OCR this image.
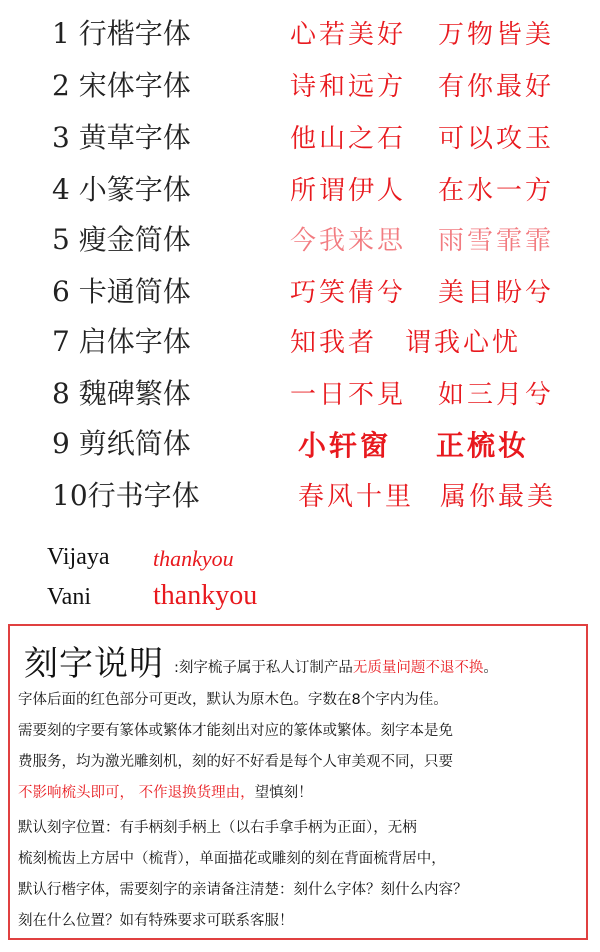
1 行楷字体	心若美好 万物皆美
2 宋体字体	诗和远方 有你最好
3 黄草字体	他山之石 可以攻玉
4 小篆字体	所谓伊人 在水一方
5 瘦金简体	今我来思 雨雪霏霏
6 卡通简体	巧笑倩兮 美目盼兮
7 启体字体	知我者 谓我心忧
8 魏碑繁体	一日不見 如三月兮
9 剪纸简体	小轩窗 正梳妆
10行书字体	春风十里 属你最美
Vijaya thankyou
Vani thankyou
刻字说明 :刻字梳子属于私人订制产品无质量问题不退不换。
字体后面的红色部分可更改，默认为原木色。字数在8个字内为佳。
需要刻的字要有篆体或繁体才能刻出对应的篆体或繁体。刻字本是免
费服务，均为激光雕刻机，刻的好不好看是每个人审美观不同，只要
不影响梳头即可， 不作退换货理由，望慎刻！
默认刻字位置：有手柄刻手柄上（以右手拿手柄为正面），无柄
梳刻梳齿上方居中（梳背），单面描花或雕刻的刻在背面梳背居中，
默认行楷字体，需要刻字的亲请备注清楚：刻什么字体？刻什么内容？
刻在什么位置？如有特殊要求可联系客服！
